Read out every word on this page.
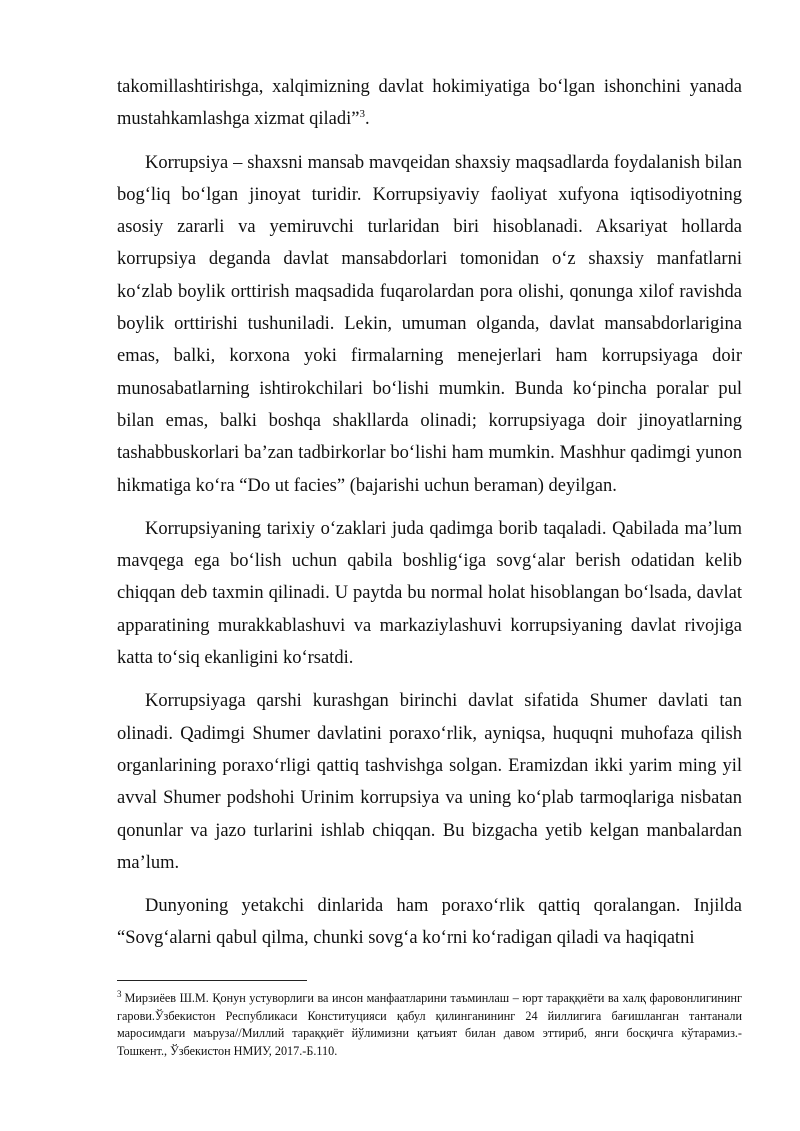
takomillashtirishga, xalqimizning davlat hokimiyatiga bo‘lgan ishonchini yanada mustahkamlashga xizmat qiladi”$^3$.

Korrupsiya – shaxsni mansab mavqeidan shaxsiy maqsadlarda foydalanish bilan bog‘liq bo‘lgan jinoyat turidir. Korrupsiyaviy faoliyat xufyona iqtisodiyotning asosiy zararli va yemiruvchi turlaridan biri hisoblanadi. Aksariyat hollarda korrupsiya deganda davlat mansabdorlari tomonidan o‘z shaxsiy manfatlarni ko‘zlab boylik orttirish maqsadida fuqarolardan pora olishi, qonunga xilof ravishda boylik orttirishi tushuniladi. Lekin, umuman olganda, davlat mansabdorlarigina emas, balki, korxona yoki firmalarning menejerlari ham korrupsiyaga doir munosabatlarning ishtirokchilari bo‘lishi mumkin. Bunda ko‘pincha poralar pul bilan emas, balki boshqa shakllarda olinadi; korrupsiyaga doir jinoyatlarning tashabbuskorlari ba’zan tadbirkorlar bo‘lishi ham mumkin. Mashhur qadimgi yunon hikmatiga ko‘ra “Do ut facies” (bajarishi uchun beraman) deyilgan.

Korrupsiyaning tarixiy o‘zaklari juda qadimga borib taqaladi. Qabilada ma’lum mavqega ega bo‘lish uchun qabila boshlig‘iga sovg‘alar berish odatidan kelib chiqqan deb taxmin qilinadi. U paytda bu normal holat hisoblangan bo‘lsada, davlat apparatining murakkablashuvi va markaziylashuvi korrupsiyaning davlat rivojiga katta to‘siq ekanligini ko‘rsatdi.

Korrupsiyaga qarshi kurashgan birinchi davlat sifatida Shumer davlati tan olinadi. Qadimgi Shumer davlatini poraxo‘rlik, ayniqsa, huquqni muhofaza qilish organlarining poraxo‘rligi qattiq tashvishga solgan. Eramizdan ikki yarim ming yil avval Shumer podshohi Urinim korrupsiya va uning ko‘plab tarmoqlariga nisbatan qonunlar va jazo turlarini ishlab chiqqan. Bu bizgacha yetib kelgan manbalardan ma’lum.

Dunyoning yetakchi dinlarida ham poraxo‘rlik qattiq qoralangan. Injilda “Sovg‘alarni qabul qilma, chunki sovg‘a ko‘rni ko‘radigan qiladi va haqiqatni

$^3$ Мирзиёев Ш.М. Қонун устуворлиги ва инсон манфаатларини таъминлаш – юрт тараққиёти ва халқ фаровонлигининг гарови.Ўзбекистон Республикаси Конституцияси қабул қилинганининг 24 йиллигига бағишланган тантанали маросимдаги маъруза//Миллий тараққиёт йўлимизни қатъият билан давом эттириб, янги босқичга кўтарамиз.-Тошкент., Ўзбекистон НМИУ, 2017.-Б.110.
